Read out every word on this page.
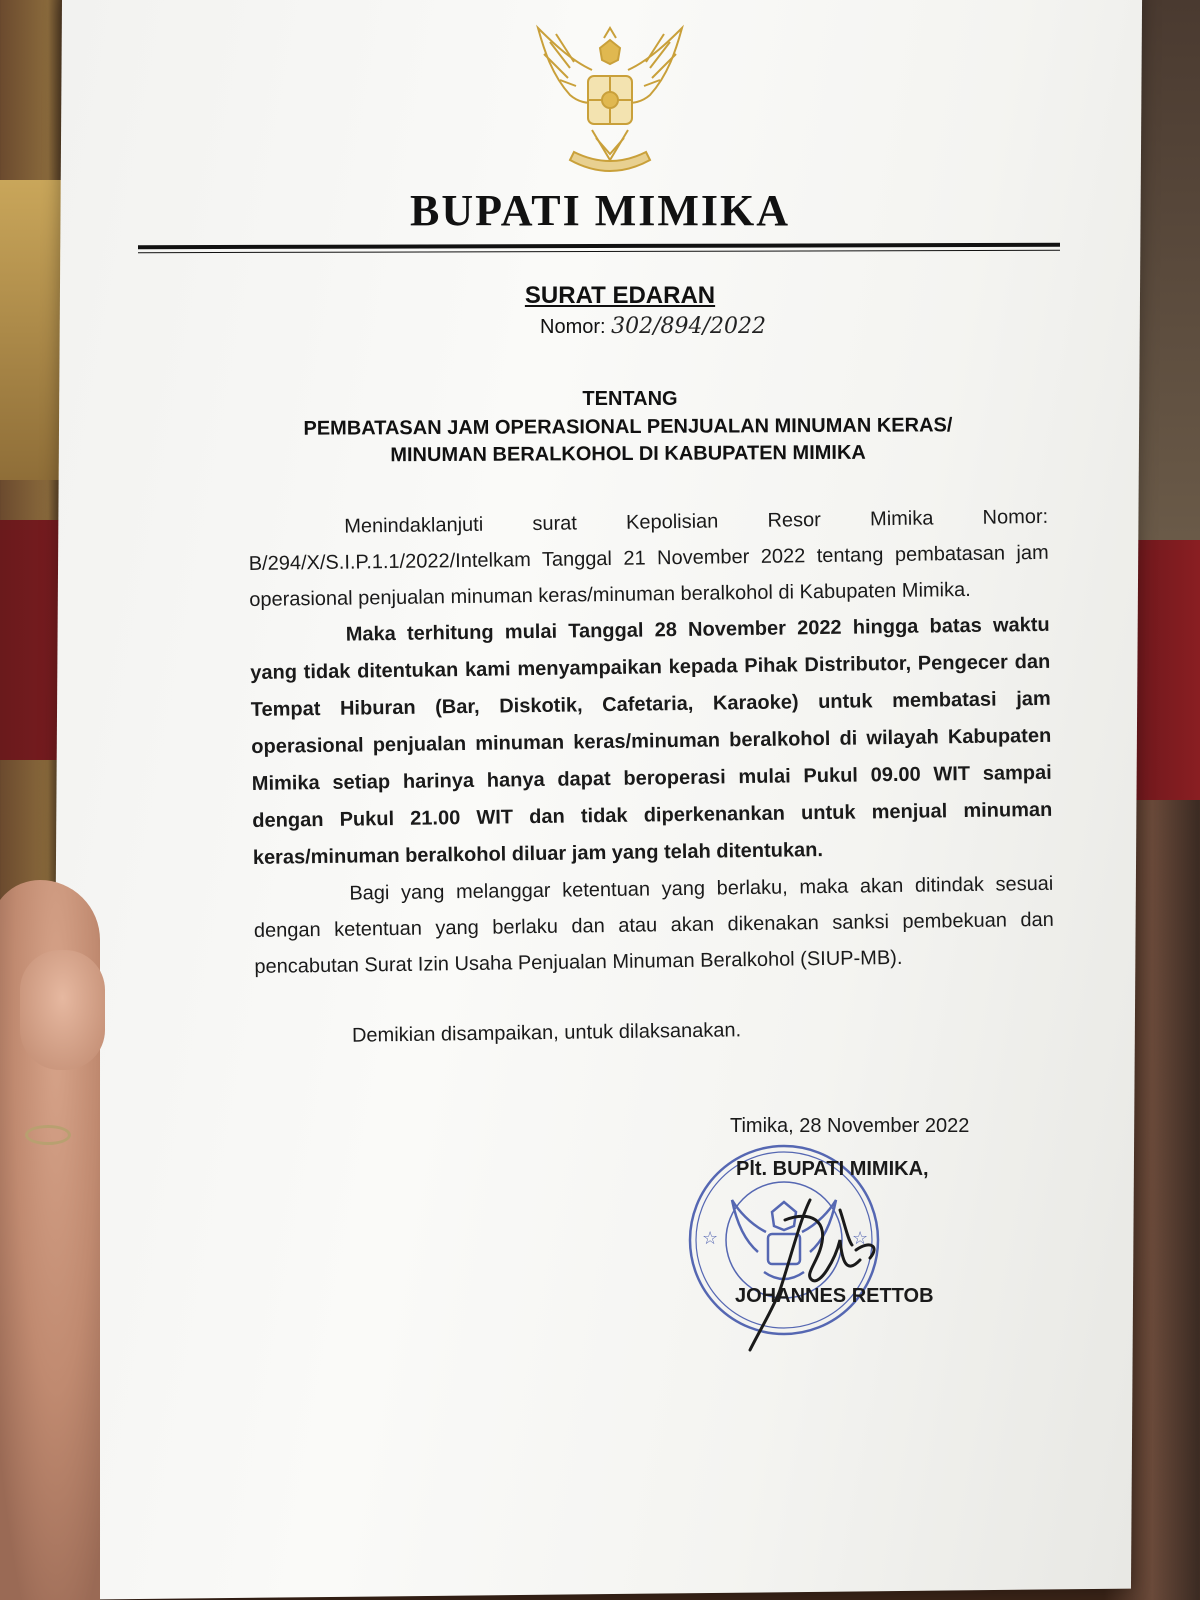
BUPATI MIMIKA
SURAT EDARAN
Nomor: 302/894/2022
TENTANG
PEMBATASAN JAM OPERASIONAL PENJUALAN MINUMAN KERAS/
MINUMAN BERALKOHOL DI KABUPATEN MIMIKA

Menindaklanjuti surat Kepolisian Resor Mimika Nomor: B/294/X/S.I.P.1.1/2022/Intelkam Tanggal 21 November 2022 tentang pembatasan jam operasional penjualan minuman keras/minuman beralkohol di Kabupaten Mimika.

Maka terhitung mulai Tanggal 28 November 2022 hingga batas waktu yang tidak ditentukan kami menyampaikan kepada Pihak Distributor, Pengecer dan Tempat Hiburan (Bar, Diskotik, Cafetaria, Karaoke) untuk membatasi jam operasional penjualan minuman keras/minuman beralkohol di wilayah Kabupaten Mimika setiap harinya hanya dapat beroperasi mulai Pukul 09.00 WIT sampai dengan Pukul 21.00 WIT dan tidak diperkenankan untuk menjual minuman keras/minuman beralkohol diluar jam yang telah ditentukan.

Bagi yang melanggar ketentuan yang berlaku, maka akan ditindak sesuai dengan ketentuan yang berlaku dan atau akan dikenakan sanksi pembekuan dan pencabutan Surat Izin Usaha Penjualan Minuman Beralkohol (SIUP-MB).

Demikian disampaikan, untuk dilaksanakan.
☆	☆
Timika, 28 November 2022
Plt. BUPATI MIMIKA,
JOHANNES RETTOB
